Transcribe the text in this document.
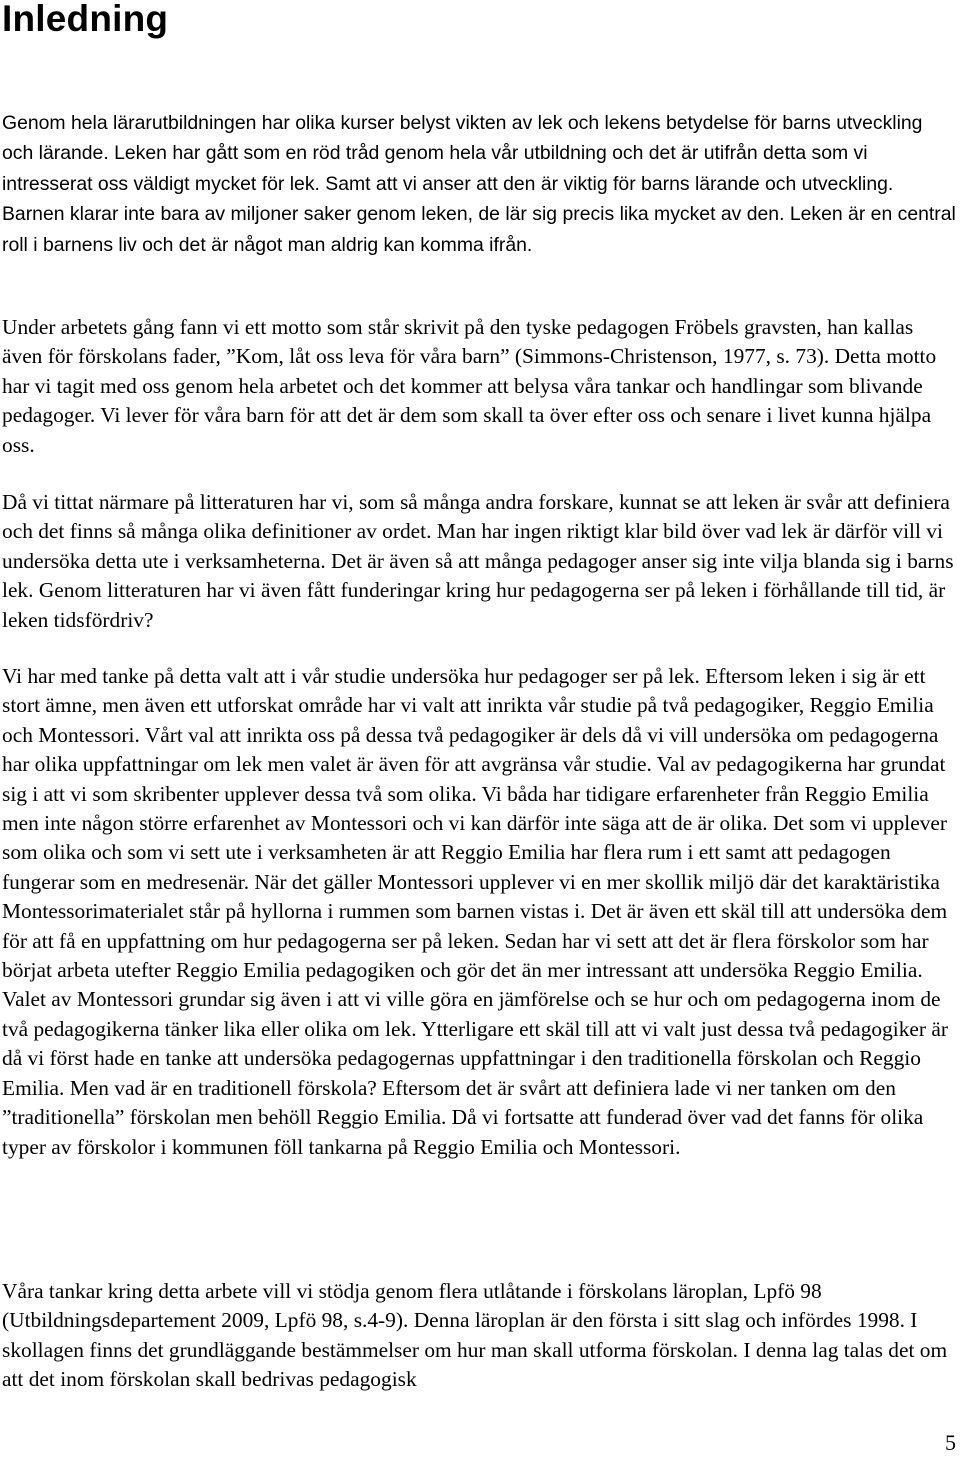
Inledning

Genom hela lärarutbildningen har olika kurser belyst vikten av lek och lekens betydelse för barns utveckling och lärande. Leken har gått som en röd tråd genom hela vår utbildning och det är utifrån detta som vi intresserat oss väldigt mycket för lek. Samt att vi anser att den är viktig för barns lärande och utveckling. Barnen klarar inte bara av miljoner saker genom leken, de lär sig precis lika mycket av den. Leken är en central roll i barnens liv och det är något man aldrig kan komma ifrån.

Under arbetets gång fann vi ett motto som står skrivit på den tyske pedagogen Fröbels gravsten, han kallas även för förskolans fader, ”Kom, låt oss leva för våra barn” (Simmons-Christenson, 1977, s. 73). Detta motto har vi tagit med oss genom hela arbetet och det kommer att belysa våra tankar och handlingar som blivande pedagoger. Vi lever för våra barn för att det är dem som skall ta över efter oss och senare i livet kunna hjälpa oss.

Då vi tittat närmare på litteraturen har vi, som så många andra forskare, kunnat se att leken är svår att definiera och det finns så många olika definitioner av ordet. Man har ingen riktigt klar bild över vad lek är därför vill vi undersöka detta ute i verksamheterna. Det är även så att många pedagoger anser sig inte vilja blanda sig i barns lek. Genom litteraturen har vi även fått funderingar kring hur pedagogerna ser på leken i förhållande till tid, är leken tidsfördriv?

Vi har med tanke på detta valt att i vår studie undersöka hur pedagoger ser på lek. Eftersom leken i sig är ett stort ämne, men även ett utforskat område har vi valt att inrikta vår studie på två pedagogiker, Reggio Emilia och Montessori. Vårt val att inrikta oss på dessa två pedagogiker är dels då vi vill undersöka om pedagogerna har olika uppfattningar om lek men valet är även för att avgränsa vår studie. Val av pedagogikerna har grundat sig i att vi som skribenter upplever dessa två som olika. Vi båda har tidigare erfarenheter från Reggio Emilia men inte någon större erfarenhet av Montessori och vi kan därför inte säga att de är olika. Det som vi upplever som olika och som vi sett ute i verksamheten är att Reggio Emilia har flera rum i ett samt att pedagogen fungerar som en medresenär. När det gäller Montessori upplever vi en mer skollik miljö där det karaktäristika Montessorimaterialet står på hyllorna i rummen som barnen vistas i. Det är även ett skäl till att undersöka dem för att få en uppfattning om hur pedagogerna ser på leken. Sedan har vi sett att det är flera förskolor som har börjat arbeta utefter Reggio Emilia pedagogiken och gör det än mer intressant att undersöka Reggio Emilia. Valet av Montessori grundar sig även i att vi ville göra en jämförelse och se hur och om pedagogerna inom de två pedagogikerna tänker lika eller olika om lek. Ytterligare ett skäl till att vi valt just dessa två pedagogiker är då vi först hade en tanke att undersöka pedagogernas uppfattningar i den traditionella förskolan och Reggio Emilia. Men vad är en traditionell förskola? Eftersom det är svårt att definiera lade vi ner tanken om den ”traditionella” förskolan men behöll Reggio Emilia. Då vi fortsatte att funderad över vad det fanns för olika typer av förskolor i kommunen föll tankarna på Reggio Emilia och Montessori.

Våra tankar kring detta arbete vill vi stödja genom flera utlåtande i förskolans läroplan, Lpfö 98 (Utbildningsdepartement 2009, Lpfö 98, s.4-9). Denna läroplan är den första i sitt slag och infördes 1998. I skollagen finns det grundläggande bestämmelser om hur man skall utforma förskolan. I denna lag talas det om att det inom förskolan skall bedrivas pedagogisk

5
